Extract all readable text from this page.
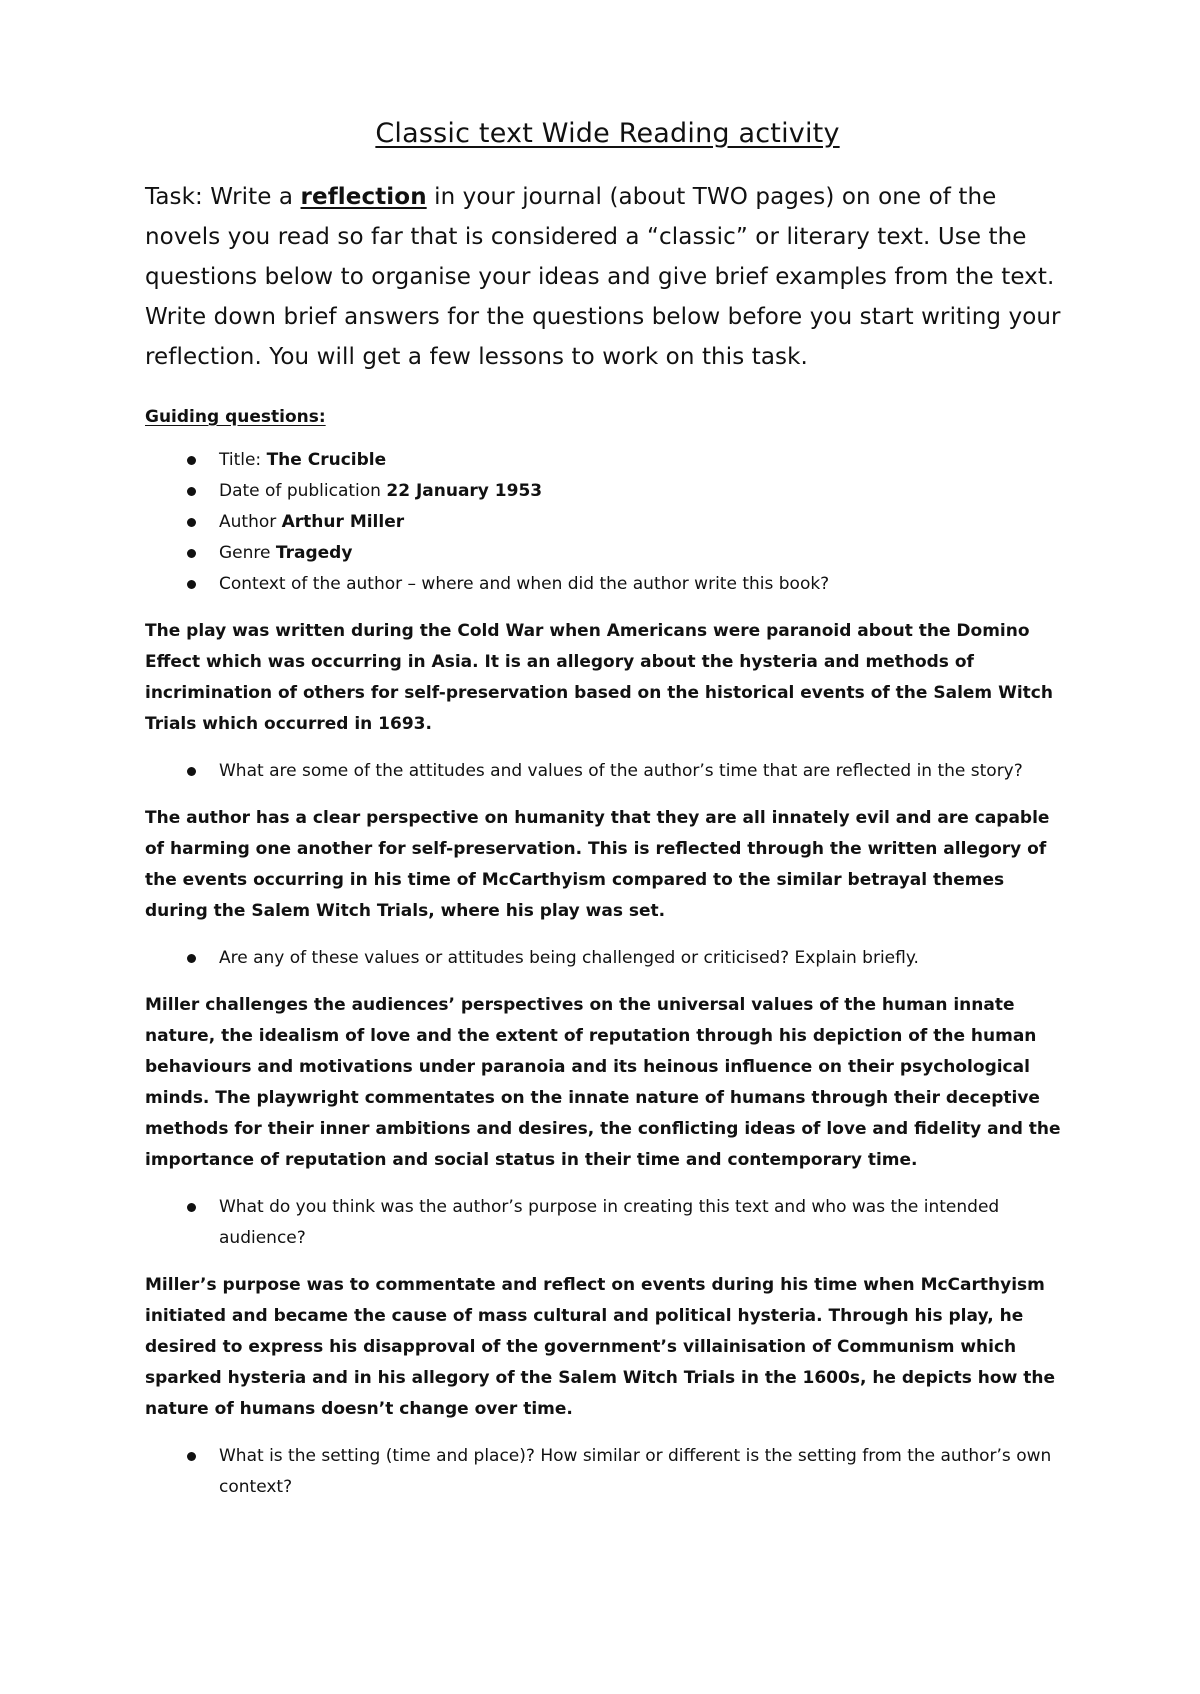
Classic text Wide Reading activity

Task: Write a reflection in your journal (about TWO pages) on one of the novels you read so far that is considered a “classic” or literary text. Use the questions below to organise your ideas and give brief examples from the text. Write down brief answers for the questions below before you start writing your reflection. You will get a few lessons to work on this task.

Guiding questions:
Title: The Crucible
Date of publication 22 January 1953
Author Arthur Miller
Genre Tragedy
Context of the author – where and when did the author write this book?

The play was written during the Cold War when Americans were paranoid about the Domino Effect which was occurring in Asia. It is an allegory about the hysteria and methods of incrimination of others for self-preservation based on the historical events of the Salem Witch Trials which occurred in 1693.

What are some of the attitudes and values of the author’s time that are reflected in the story?

The author has a clear perspective on humanity that they are all innately evil and are capable of harming one another for self-preservation. This is reflected through the written allegory of the events occurring in his time of McCarthyism compared to the similar betrayal themes during the Salem Witch Trials, where his play was set.

Are any of these values or attitudes being challenged or criticised? Explain briefly.

Miller challenges the audiences’ perspectives on the universal values of the human innate nature, the idealism of love and the extent of reputation through his depiction of the human behaviours and motivations under paranoia and its heinous influence on their psychological minds. The playwright commentates on the innate nature of humans through their deceptive methods for their inner ambitions and desires, the conflicting ideas of love and fidelity and the importance of reputation and social status in their time and contemporary time.

What do you think was the author’s purpose in creating this text and who was the intended audience?

Miller’s purpose was to commentate and reflect on events during his time when McCarthyism initiated and became the cause of mass cultural and political hysteria. Through his play, he desired to express his disapproval of the government’s villainisation of Communism which sparked hysteria and in his allegory of the Salem Witch Trials in the 1600s, he depicts how the nature of humans doesn’t change over time.

What is the setting (time and place)? How similar or different is the setting from the author’s own context?
